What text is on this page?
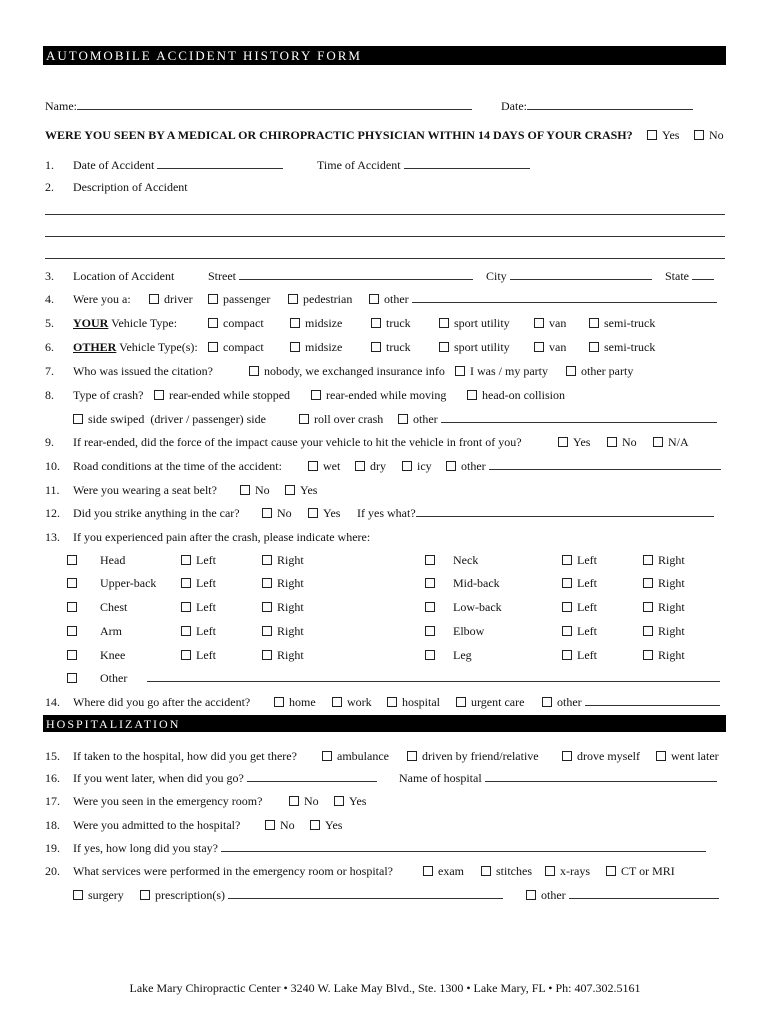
AUTOMOBILE ACCIDENT HISTORY FORM
Name:	Date:
WERE YOU SEEN BY A MEDICAL OR CHIROPRACTIC PHYSICIAN WITHIN 14 DAYS OF YOUR CRASH?	Yes	No
1. Date of Accident	Time of Accident
2. Description of Accident
3. Location of Accident	Street	City	State
4. Were you a:	driver	passenger	pedestrian	other
5. YOUR Vehicle Type:	compact	midsize	truck	sport utility	van	semi-truck
6. OTHER Vehicle Type(s):	compact	midsize	truck	sport utility	van	semi-truck
7. Who was issued the citation?	nobody, we exchanged insurance info	I was / my party	other party
8. Type of crash?	rear-ended while stopped	rear-ended while moving	head-on collision
side swiped  (driver / passenger) side	roll over crash	other
9. If rear-ended, did the force of the impact cause your vehicle to hit the vehicle in front of you?	Yes	No	N/A
10. Road conditions at the time of the accident:	wet	dry	icy	other
11. Were you wearing a seat belt?	No	Yes
12. Did you strike anything in the car?	No	Yes If yes what?
13. If you experienced pain after the crash, please indicate where:
Head	Left	Right	Neck	Left	Right
Upper-back	Left	Right	Mid-back	Left	Right
Chest	Left	Right	Low-back	Left	Right
Arm	Left	Right	Elbow	Left	Right
Knee	Left	Right	Leg	Left	Right
Other
14. Where did you go after the accident?	home	work	hospital	urgent care	other
HOSPITALIZATION
15. If taken to the hospital, how did you get there?	ambulance	driven by friend/relative	drove myself	went later
16. If you went later, when did you go?	Name of hospital
17. Were you seen in the emergency room?	No	Yes
18. Were you admitted to the hospital?	No	Yes
19. If yes, how long did you stay?
20. What services were performed in the emergency room or hospital?	exam	stitches	x-rays	CT or MRI
surgery	prescription(s)	other
Lake Mary Chiropractic Center • 3240 W. Lake May Blvd., Ste. 1300 • Lake Mary, FL • Ph: 407.302.5161
